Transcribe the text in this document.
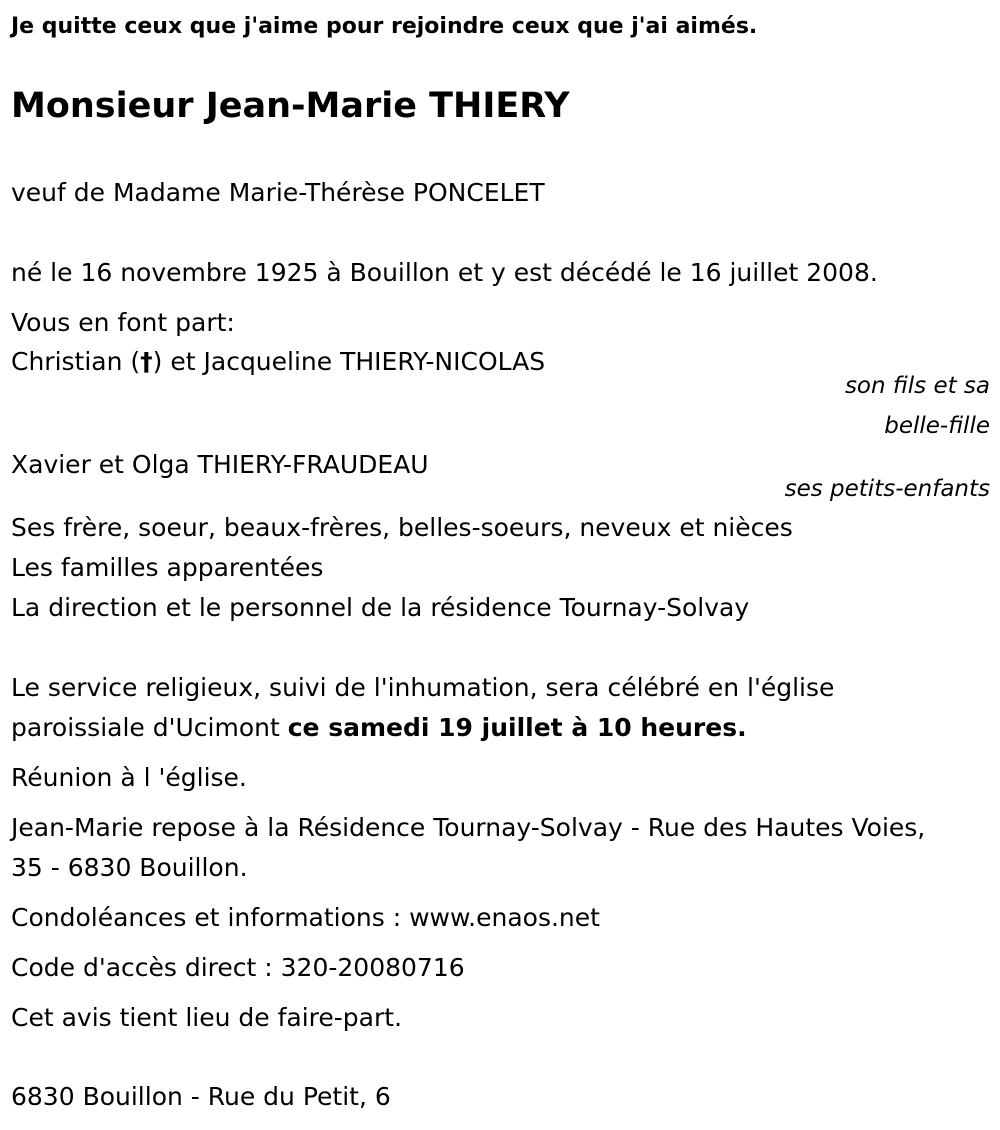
Je quitte ceux que j'aime pour rejoindre ceux que j'ai aimés.
Monsieur Jean-Marie THIERY
veuf de Madame Marie-Thérèse PONCELET
né le 16 novembre 1925 à Bouillon et y est décédé le 16 juillet 2008.
Vous en font part:
Christian (†) et Jacqueline THIERY-NICOLAS
son fils et sa
belle-fille
Xavier et Olga THIERY-FRAUDEAU
ses petits-enfants
Ses frère, soeur, beaux-frères, belles-soeurs, neveux et nièces
Les familles apparentées
La direction et le personnel de la résidence Tournay-Solvay
Le service religieux, suivi de l'inhumation, sera célébré en l'église
paroissiale d'Ucimont ce samedi 19 juillet à 10 heures.
Réunion à l 'église.
Jean-Marie repose à la Résidence Tournay-Solvay - Rue des Hautes Voies,
35 - 6830 Bouillon.
Condoléances et informations : www.enaos.net
Code d'accès direct : 320-20080716
Cet avis tient lieu de faire-part.
6830 Bouillon - Rue du Petit, 6
